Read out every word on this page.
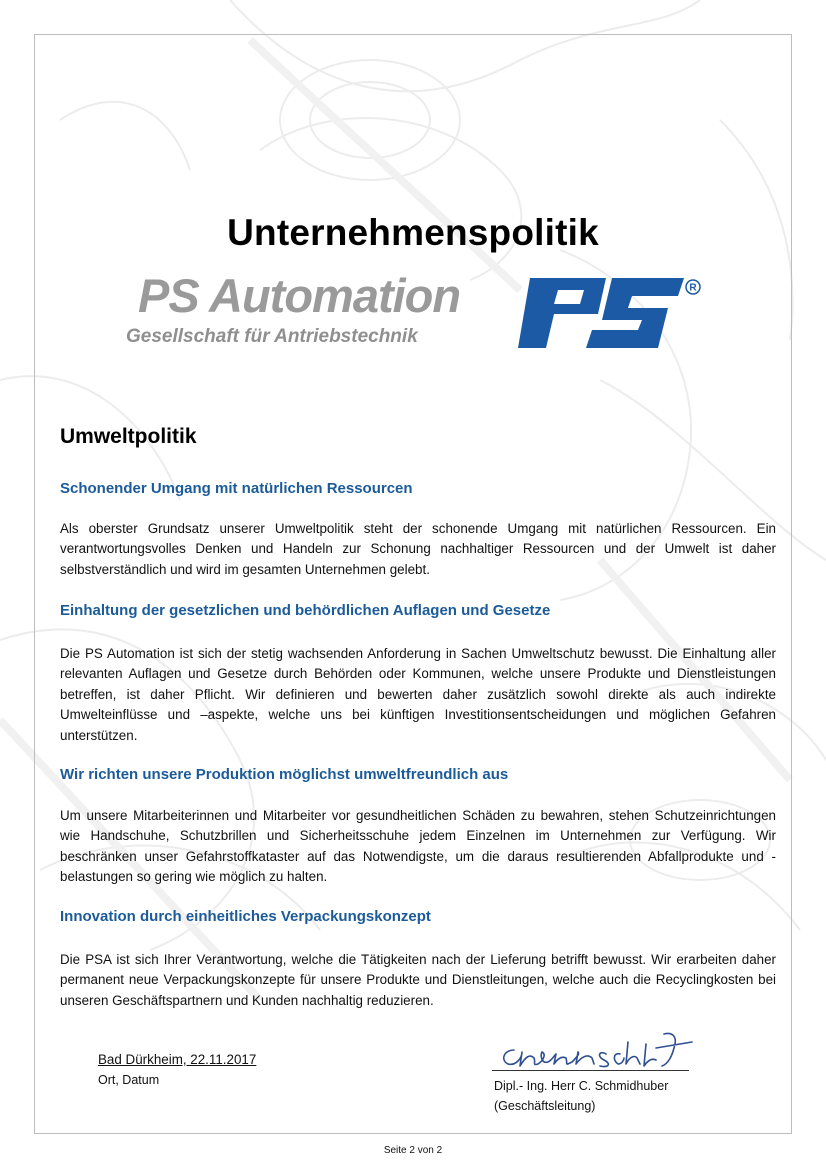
Unternehmenspolitik
PS Automation
Gesellschaft für Antriebstechnik
R
Umweltpolitik
Schonender Umgang mit natürlichen Ressourcen
Als oberster Grundsatz unserer Umweltpolitik steht der schonende Umgang mit natürlichen Ressourcen. Ein verantwortungsvolles Denken und Handeln zur Schonung nachhaltiger Ressourcen und der Umwelt ist daher selbstverständlich und wird im gesamten Unternehmen gelebt.
Einhaltung der gesetzlichen und behördlichen Auflagen und Gesetze
Die PS Automation ist sich der stetig wachsenden Anforderung in Sachen Umweltschutz bewusst. Die Einhaltung aller relevanten Auflagen und Gesetze durch Behörden oder Kommunen, welche unsere Produkte und Dienstleistungen betreffen, ist daher Pflicht. Wir definieren und bewerten daher zusätzlich sowohl direkte als auch indirekte Umwelteinflüsse und –aspekte, welche uns bei künftigen Investitionsentscheidungen und möglichen Gefahren unterstützen.
Wir richten unsere Produktion möglichst umweltfreundlich aus
Um unsere Mitarbeiterinnen und Mitarbeiter vor gesundheitlichen Schäden zu bewahren, stehen Schutzeinrichtungen wie Handschuhe, Schutzbrillen und Sicherheitsschuhe jedem Einzelnen im Unternehmen zur Verfügung. Wir beschränken unser Gefahrstoffkataster auf das Notwendigste, um die daraus resultierenden Abfallprodukte und -belastungen so gering wie möglich zu halten.
Innovation durch einheitliches Verpackungskonzept
Die PSA ist sich Ihrer Verantwortung, welche die Tätigkeiten nach der Lieferung betrifft bewusst. Wir erarbeiten daher permanent neue Verpackungskonzepte für unsere Produkte und Dienstleitungen, welche auch die Recyclingkosten bei unseren Geschäftspartnern und Kunden nachhaltig reduzieren.
Bad Dürkheim, 22.11.2017
Ort, Datum	Dipl.- Ing. Herr C. Schmidhuber
(Geschäftsleitung)
Seite 2 von 2
